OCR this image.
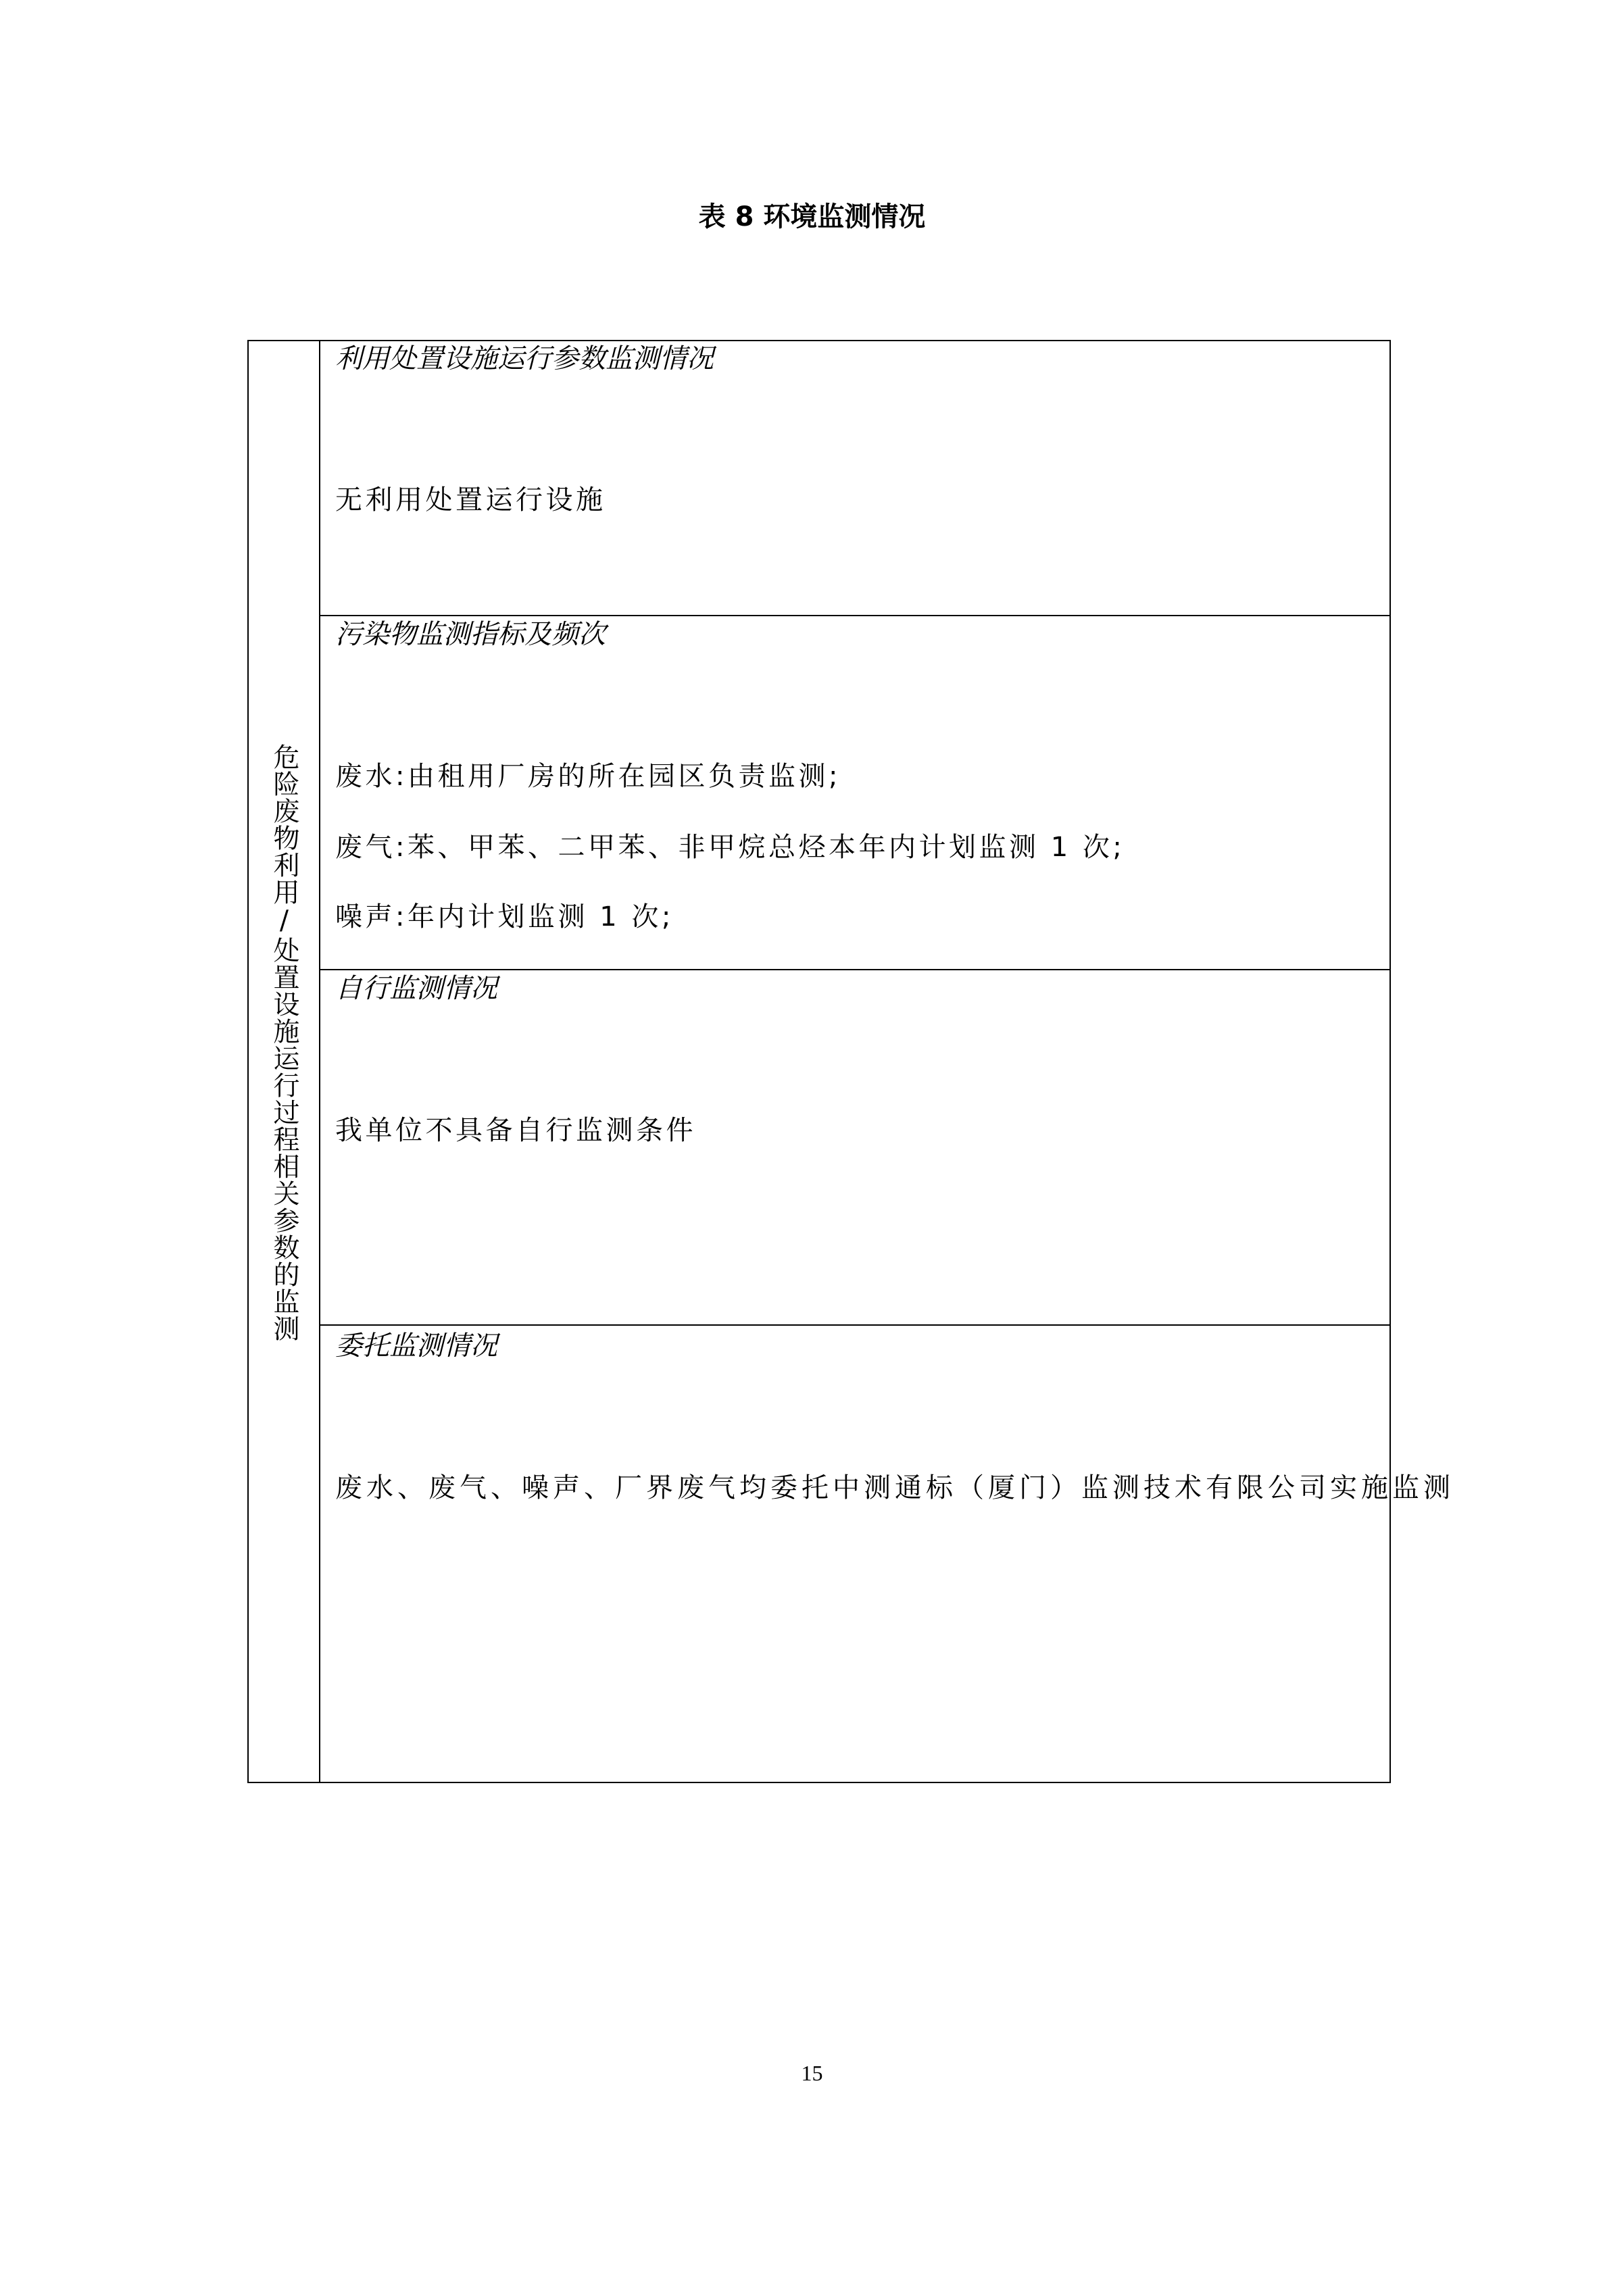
表 8 环境监测情况
危险废物利用/处置设施运行过程相关参数的监测
利用处置设施运行参数监测情况
无利用处置运行设施
污染物监测指标及频次
废水:由租用厂房的所在园区负责监测;
废气:苯、甲苯、二甲苯、非甲烷总烃本年内计划监测 1 次;
噪声:年内计划监测 1 次;
自行监测情况
我单位不具备自行监测条件
委托监测情况
废水、废气、噪声、厂界废气均委托中测通标（厦门）监测技术有限公司实施监测
15
